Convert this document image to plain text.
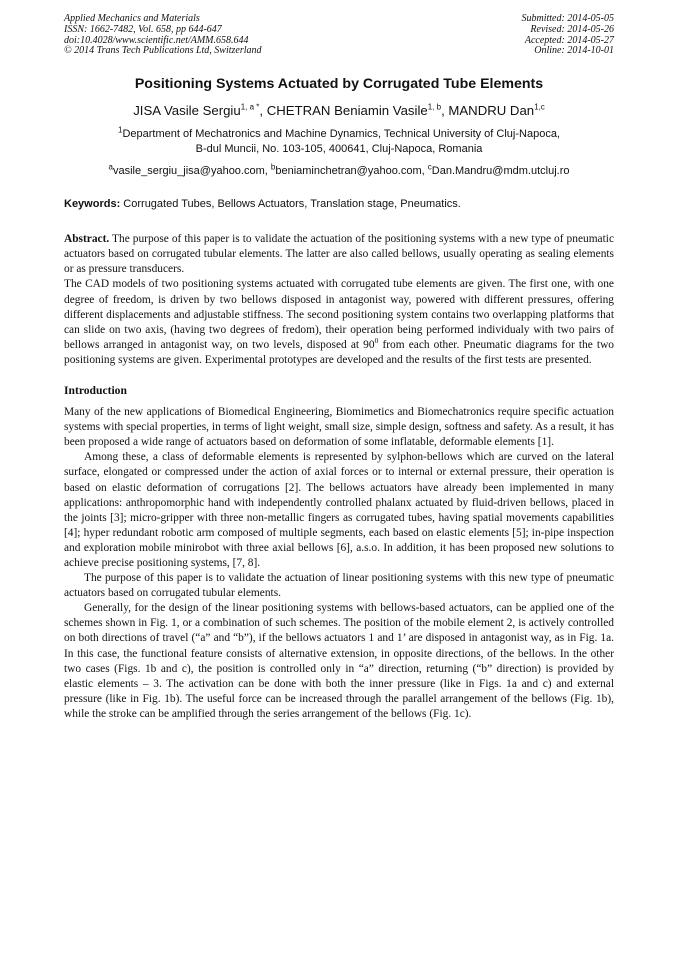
Applied Mechanics and Materials
ISSN: 1662-7482, Vol. 658, pp 644-647
doi:10.4028/www.scientific.net/AMM.658.644
© 2014 Trans Tech Publications Ltd, Switzerland
Submitted: 2014-05-05
Revised: 2014-05-26
Accepted: 2014-05-27
Online: 2014-10-01
Positioning Systems Actuated by Corrugated Tube Elements
JISA Vasile Sergiu$^{1, a *}$, CHETRAN Beniamin Vasile$^{1, b}$, MANDRU Dan$^{1,c}$
$^1$Department of Mechatronics and Machine Dynamics, Technical University of Cluj-Napoca,
B-dul Muncii, No. 103-105, 400641, Cluj-Napoca, Romania
$^a$vasile_sergiu_jisa@yahoo.com, $^b$beniaminchetran@yahoo.com, $^c$Dan.Mandru@mdm.utcluj.ro
Keywords: Corrugated Tubes, Bellows Actuators, Translation stage, Pneumatics.

Abstract. The purpose of this paper is to validate the actuation of the positioning systems with a new type of pneumatic actuators based on corrugated tubular elements. The latter are also called bellows, usually operating as sealing elements or as pressure transducers.

The CAD models of two positioning systems actuated with corrugated tube elements are given. The first one, with one degree of freedom, is driven by two bellows disposed in antagonist way, powered with different pressures, offering different displacements and adjustable stiffness. The second positioning system contains two overlapping platforms that can slide on two axis, (having two degrees of fredom), their operation being performed individualy with two pairs of bellows arranged in antagonist way, on two levels, disposed at $90^0$ from each other. Pneumatic diagrams for the two positioning systems are given. Experimental prototypes are developed and the results of the first tests are presented.

Introduction

Many of the new applications of Biomedical Engineering, Biomimetics and Biomechatronics require specific actuation systems with special properties, in terms of light weight, small size, simple design, softness and safety. As a result, it has been proposed a wide range of actuators based on deformation of some inflatable, deformable elements [1].

Among these, a class of deformable elements is represented by sylphon-bellows which are curved on the lateral surface, elongated or compressed under the action of axial forces or to internal or external pressure, their operation is based on elastic deformation of corrugations [2]. The bellows actuators have already been implemented in many applications: anthropomorphic hand with independently controlled phalanx actuated by fluid-driven bellows, placed in the joints [3]; micro-gripper with three non-metallic fingers as corrugated tubes, having spatial movements capabilities [4]; hyper redundant robotic arm composed of multiple segments, each based on elastic elements [5]; in-pipe inspection and exploration mobile minirobot with three axial bellows [6], a.s.o. In addition, it has been proposed new solutions to achieve precise positioning systems, [7, 8].

The purpose of this paper is to validate the actuation of linear positioning systems with this new type of pneumatic actuators based on corrugated tubular elements.

Generally, for the design of the linear positioning systems with bellows-based actuators, can be applied one of the schemes shown in Fig. 1, or a combination of such schemes. The position of the mobile element 2, is actively controlled on both directions of travel (“a” and “b”), if the bellows actuators 1 and 1’ are disposed in antagonist way, as in Fig. 1a. In this case, the functional feature consists of alternative extension, in opposite directions, of the bellows. In the other two cases (Figs. 1b and c), the position is controlled only in “a” direction, returning (“b” direction) is provided by elastic elements – 3. The activation can be done with both the inner pressure (like in Figs. 1a and c) and external pressure (like in Fig. 1b). The useful force can be increased through the parallel arrangement of the bellows (Fig. 1b), while the stroke can be amplified through the series arrangement of the bellows (Fig. 1c).
